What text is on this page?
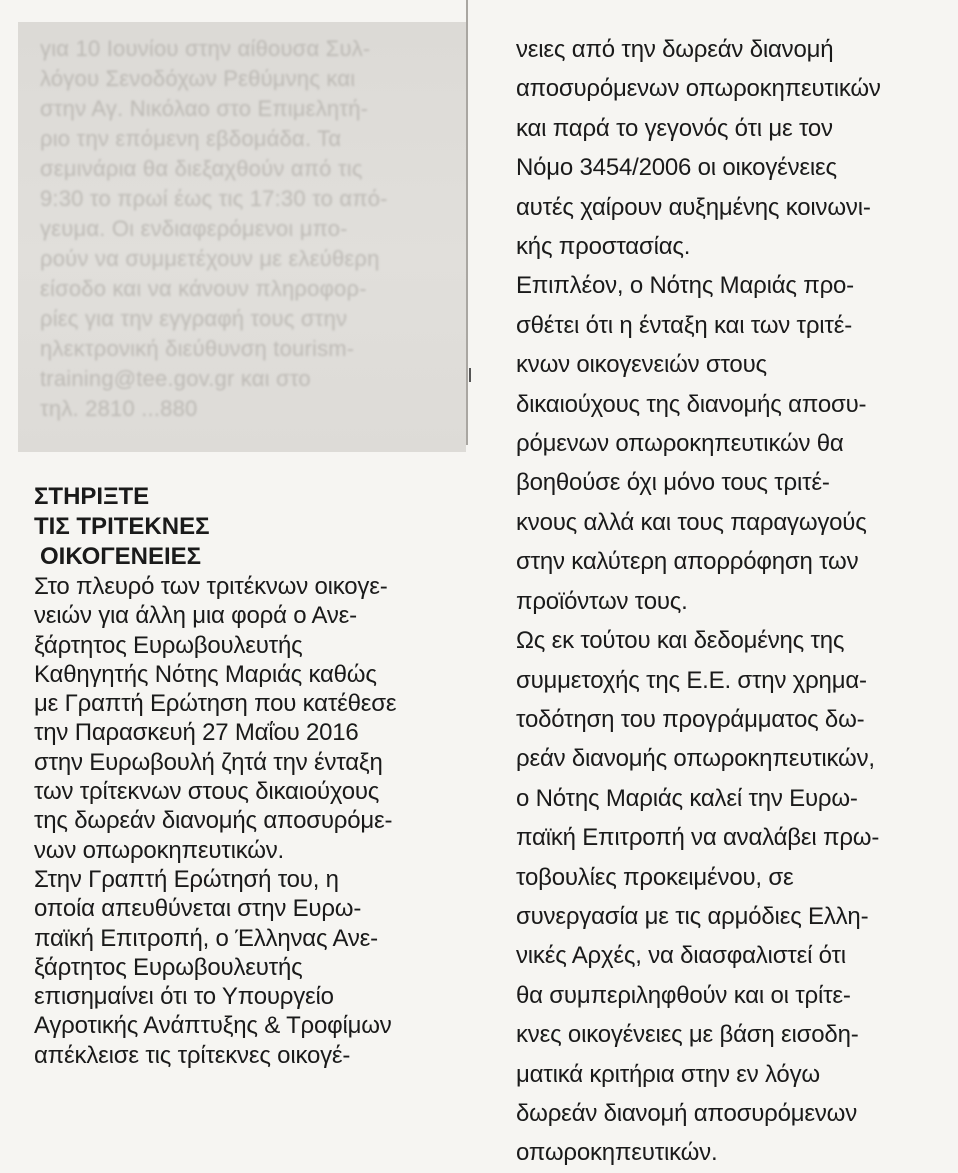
για 10 Ιουνίου στην αίθουσα Συλ-
λόγου Σενοδόχων Ρεθύμνης και
στην Αγ. Νικόλαο στο Επιμελητή-
ριο την επόμενη εβδομάδα. Τα
σεμινάρια θα διεξαχθούν από τις
9:30 το πρωί έως τις 17:30 το από-
γευμα. Οι ενδιαφερόμενοι μπο-
ρούν να συμμετέχουν με ελεύθερη
είσοδο και να κάνουν πληροφορ-
ρίες για την εγγραφή τους στην
ηλεκτρονική διεύθυνση tourism-
training@tee.gov.gr και στο
τηλ. 2810 ...880
ΣΤΗΡΙΞΤΕ
ΤΙΣ ΤΡΙΤΕΚΝΕΣ
ΟΙΚΟΓΕΝΕΙΕΣ
Στο πλευρό των τριτέκνων οικογε-
νειών για άλλη μια φορά ο Ανε-
ξάρτητος Ευρωβουλευτής
Καθηγητής Νότης Μαριάς καθώς
με Γραπτή Ερώτηση που κατέθεσε
την Παρασκευή 27 Μαΐου 2016
στην Ευρωβουλή ζητά την ένταξη
των τρίτεκνων στους δικαιούχους
της δωρεάν διανομής αποσυρόμε-
νων οπωροκηπευτικών.
Στην Γραπτή Ερώτησή του, η
οποία απευθύνεται στην Ευρω-
παϊκή Επιτροπή, ο Έλληνας Ανε-
ξάρτητος Ευρωβουλευτής
επισημαίνει ότι το Υπουργείο
Αγροτικής Ανάπτυξης & Τροφίμων
απέκλεισε τις τρίτεκνες οικογέ-
νειες από την δωρεάν διανομή
αποσυρόμενων οπωροκηπευτικών
και παρά το γεγονός ότι με τον
Νόμο 3454/2006 οι οικογένειες
αυτές χαίρουν αυξημένης κοινωνι-
κής προστασίας.
Επιπλέον, ο Νότης Μαριάς προ-
σθέτει ότι η ένταξη και των τριτέ-
κνων οικογενειών στους
δικαιούχους της διανομής αποσυ-
ρόμενων οπωροκηπευτικών θα
βοηθούσε όχι μόνο τους τριτέ-
κνους αλλά και τους παραγωγούς
στην καλύτερη απορρόφηση των
προϊόντων τους.
Ως εκ τούτου και δεδομένης της
συμμετοχής της Ε.Ε. στην χρημα-
τοδότηση του προγράμματος δω-
ρεάν διανομής οπωροκηπευτικών,
ο Νότης Μαριάς καλεί την Ευρω-
παϊκή Επιτροπή να αναλάβει πρω-
τοβουλίες προκειμένου, σε
συνεργασία με τις αρμόδιες Ελλη-
νικές Αρχές, να διασφαλιστεί ότι
θα συμπεριληφθούν και οι τρίτε-
κνες οικογένειες με βάση εισοδη-
ματικά κριτήρια στην εν λόγω
δωρεάν διανομή αποσυρόμενων
οπωροκηπευτικών.
